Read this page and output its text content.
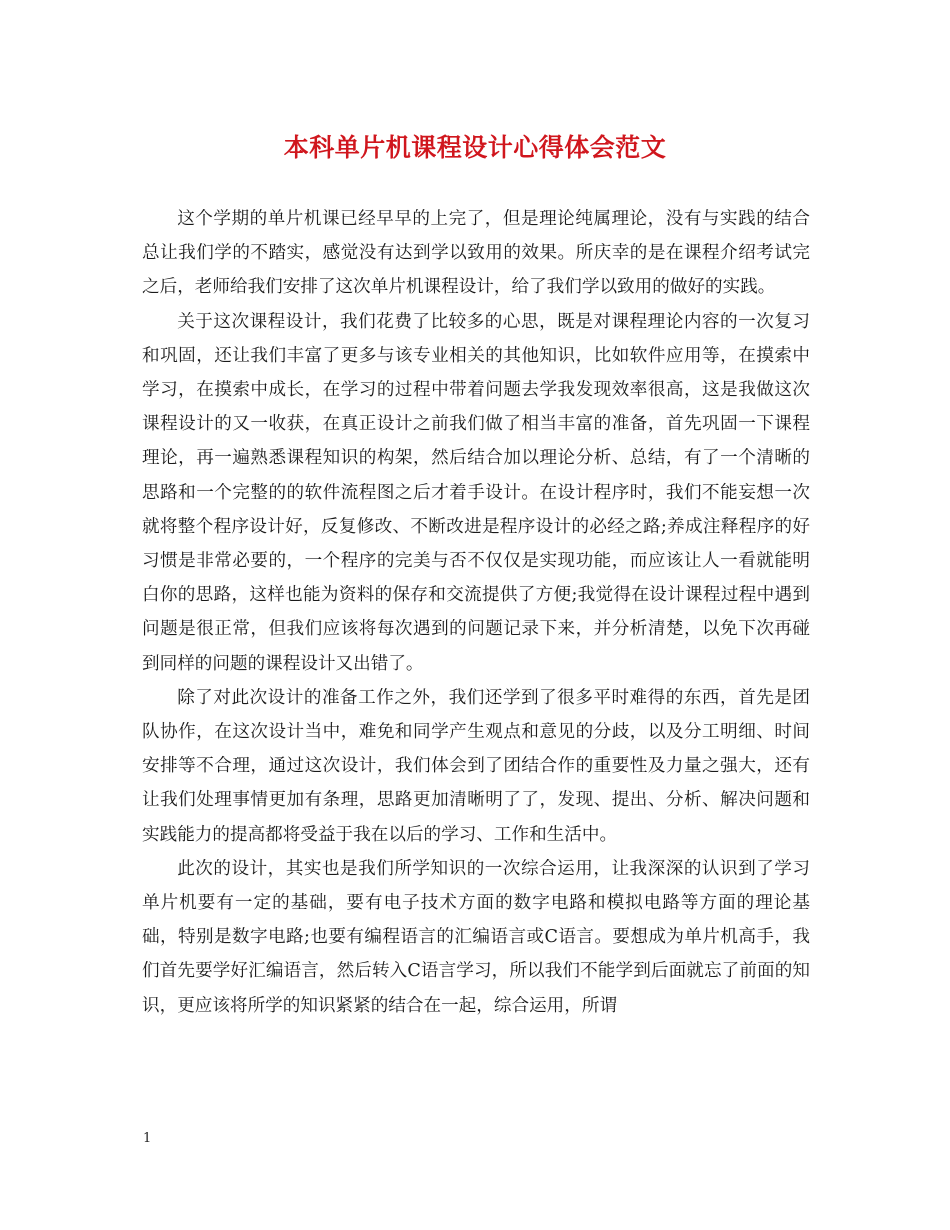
本科单片机课程设计心得体会范文

这个学期的单片机课已经早早的上完了，但是理论纯属理论，没有与实践的结合总让我们学的不踏实，感觉没有达到学以致用的效果。所庆幸的是在课程介绍考试完之后，老师给我们安排了这次单片机课程设计，给了我们学以致用的做好的实践。

关于这次课程设计，我们花费了比较多的心思，既是对课程理论内容的一次复习和巩固，还让我们丰富了更多与该专业相关的其他知识，比如软件应用等，在摸索中学习，在摸索中成长，在学习的过程中带着问题去学我发现效率很高，这是我做这次课程设计的又一收获，在真正设计之前我们做了相当丰富的准备，首先巩固一下课程理论，再一遍熟悉课程知识的构架，然后结合加以理论分析、总结，有了一个清晰的思路和一个完整的的软件流程图之后才着手设计。在设计程序时，我们不能妄想一次就将整个程序设计好，反复修改、不断改进是程序设计的必经之路;养成注释程序的好习惯是非常必要的，一个程序的完美与否不仅仅是实现功能，而应该让人一看就能明白你的思路，这样也能为资料的保存和交流提供了方便;我觉得在设计课程过程中遇到问题是很正常，但我们应该将每次遇到的问题记录下来，并分析清楚，以免下次再碰到同样的问题的课程设计又出错了。

除了对此次设计的准备工作之外，我们还学到了很多平时难得的东西，首先是团队协作，在这次设计当中，难免和同学产生观点和意见的分歧，以及分工明细、时间安排等不合理，通过这次设计，我们体会到了团结合作的重要性及力量之强大，还有让我们处理事情更加有条理，思路更加清晰明了了，发现、提出、分析、解决问题和实践能力的提高都将受益于我在以后的学习、工作和生活中。

此次的设计，其实也是我们所学知识的一次综合运用，让我深深的认识到了学习单片机要有一定的基础，要有电子技术方面的数字电路和模拟电路等方面的理论基础，特别是数字电路;也要有编程语言的汇编语言或C语言。要想成为单片机高手，我们首先要学好汇编语言，然后转入C语言学习，所以我们不能学到后面就忘了前面的知识，更应该将所学的知识紧紧的结合在一起，综合运用，所谓

1
